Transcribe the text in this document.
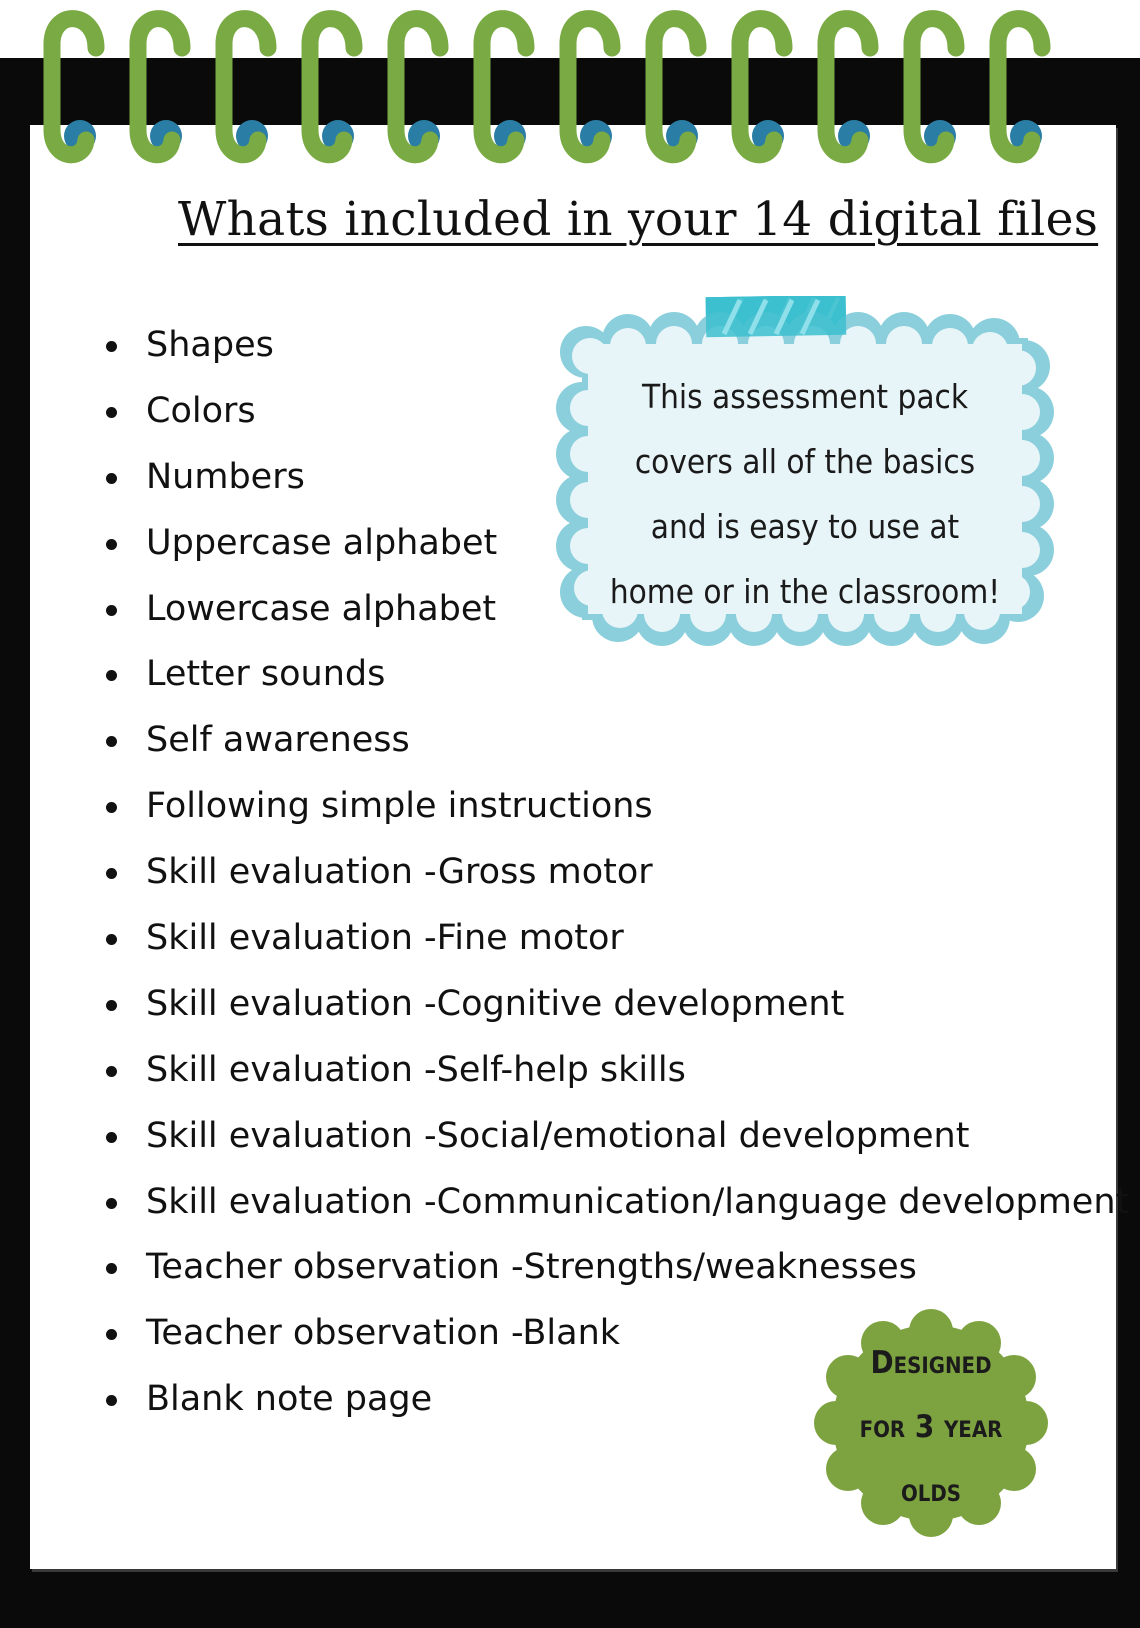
Whats included in your 14 digital files
Shapes
Colors
Numbers
Uppercase alphabet
Lowercase alphabet
Letter sounds
Self awareness
Following simple instructions
Skill evaluation -Gross motor
Skill evaluation -Fine motor
Skill evaluation -Cognitive development
Skill evaluation -Self-help skills
Skill evaluation -Social/emotional development
Skill evaluation -Communication/language development
Teacher observation -Strengths/weaknesses
Teacher observation -Blank
Blank note page

This assessment pack
covers all of the basics
and is easy to use at
home or in the classroom!

Designed
for 3 year
olds
